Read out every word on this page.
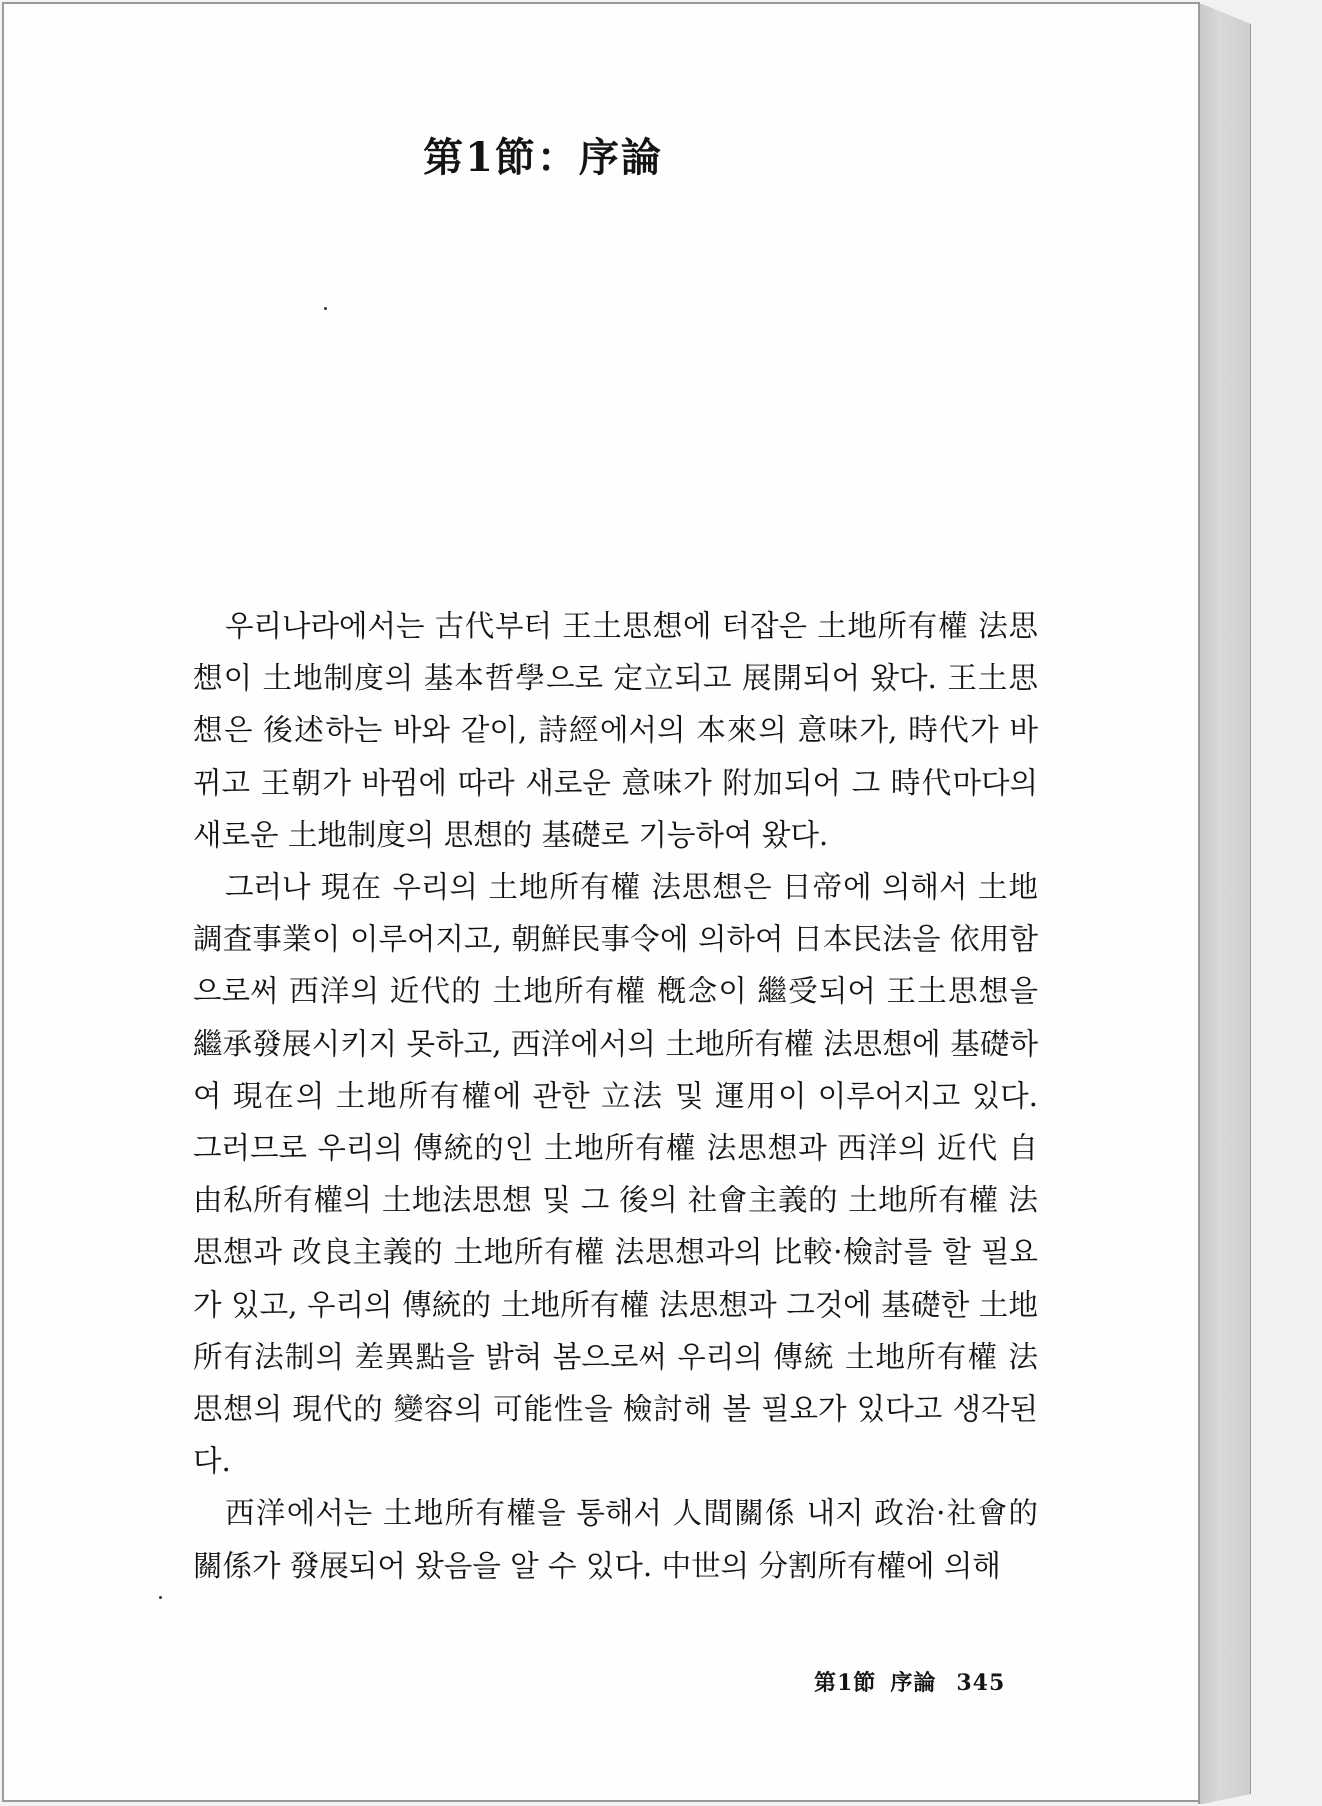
第1節：序論

우리나라에서는 古代부터 王土思想에 터잡은 土地所有權 法思想이 土地制度의 基本哲學으로 定立되고 展開되어 왔다. 王土思想은 後述하는 바와 같이, 詩經에서의 本來의 意味가, 時代가 바뀌고 王朝가 바뀜에 따라 새로운 意味가 附加되어 그 時代마다의 새로운 土地制度의 思想的 基礎로 기능하여 왔다.

그러나 現在 우리의 土地所有權 法思想은 日帝에 의해서 土地調査事業이 이루어지고, 朝鮮民事令에 의하여 日本民法을 依用함으로써 西洋의 近代的 土地所有權 槪念이 繼受되어 王土思想을 繼承發展시키지 못하고, 西洋에서의 土地所有權 法思想에 基礎하여 現在의 土地所有權에 관한 立法 및 運用이 이루어지고 있다. 그러므로 우리의 傳統的인 土地所有權 法思想과 西洋의 近代 自由私所有權의 土地法思想 및 그 後의 社會主義的 土地所有權 法思想과 改良主義的 土地所有權 法思想과의 比較·檢討를 할 필요가 있고, 우리의 傳統的 土地所有權 法思想과 그것에 基礎한 土地所有法制의 差異點을 밝혀 봄으로써 우리의 傳統 土地所有權 法思想의 現代的 變容의 可能性을 檢討해 볼 필요가 있다고 생각된다.

西洋에서는 土地所有權을 통해서 人間關係 내지 政治·社會的 關係가 發展되어 왔음을 알 수 있다. 中世의 分割所有權에 의해

第1節 序論 345
